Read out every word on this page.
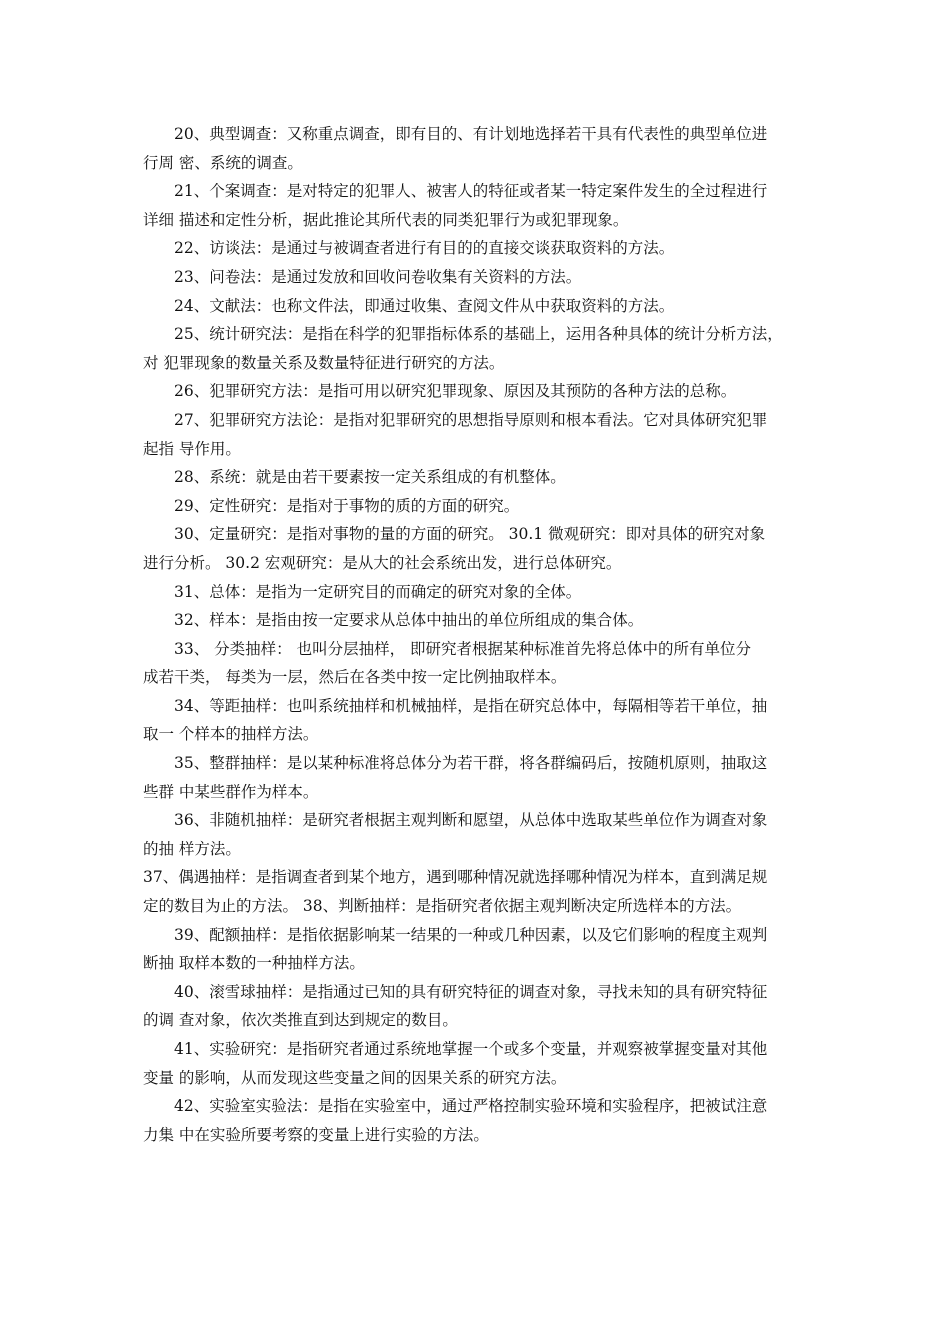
20、典型调查：又称重点调查，即有目的、有计划地选择若干具有代表性的典型单位进
行周 密、系统的调查。
21、个案调查：是对特定的犯罪人、被害人的特征或者某一特定案件发生的全过程进行
详细 描述和定性分析，据此推论其所代表的同类犯罪行为或犯罪现象。
22、访谈法：是通过与被调查者进行有目的的直接交谈获取资料的方法。
23、问卷法：是通过发放和回收问卷收集有关资料的方法。
24、文献法：也称文件法，即通过收集、查阅文件从中获取资料的方法。
25、统计研究法：是指在科学的犯罪指标体系的基础上，运用各种具体的统计分析方法，
对 犯罪现象的数量关系及数量特征进行研究的方法。
26、犯罪研究方法：是指可用以研究犯罪现象、原因及其预防的各种方法的总称。
27、犯罪研究方法论：是指对犯罪研究的思想指导原则和根本看法。它对具体研究犯罪
起指 导作用。
28、系统：就是由若干要素按一定关系组成的有机整体。
29、定性研究：是指对于事物的质的方面的研究。
30、定量研究：是指对事物的量的方面的研究。 30.1 微观研究：即对具体的研究对象
进行分析。 30.2 宏观研究：是从大的社会系统出发，进行总体研究。
31、总体：是指为一定研究目的而确定的研究对象的全体。
32、样本：是指由按一定要求从总体中抽出的单位所组成的集合体。
33、 分类抽样： 也叫分层抽样， 即研究者根据某种标准首先将总体中的所有单位分
成若干类， 每类为一层，然后在各类中按一定比例抽取样本。
34、等距抽样：也叫系统抽样和机械抽样，是指在研究总体中，每隔相等若干单位，抽
取一 个样本的抽样方法。
35、整群抽样：是以某种标准将总体分为若干群，将各群编码后，按随机原则，抽取这
些群 中某些群作为样本。
36、非随机抽样：是研究者根据主观判断和愿望，从总体中选取某些单位作为调查对象
的抽 样方法。
37、偶遇抽样：是指调查者到某个地方，遇到哪种情况就选择哪种情况为样本，直到满足规
定的数目为止的方法。 38、判断抽样：是指研究者依据主观判断决定所选样本的方法。
39、配额抽样：是指依据影响某一结果的一种或几种因素，以及它们影响的程度主观判
断抽 取样本数的一种抽样方法。
40、滚雪球抽样：是指通过已知的具有研究特征的调查对象，寻找未知的具有研究特征
的调 查对象，依次类推直到达到规定的数目。
41、实验研究：是指研究者通过系统地掌握一个或多个变量，并观察被掌握变量对其他
变量 的影响，从而发现这些变量之间的因果关系的研究方法。
42、实验室实验法：是指在实验室中，通过严格控制实验环境和实验程序，把被试注意
力集 中在实验所要考察的变量上进行实验的方法。
